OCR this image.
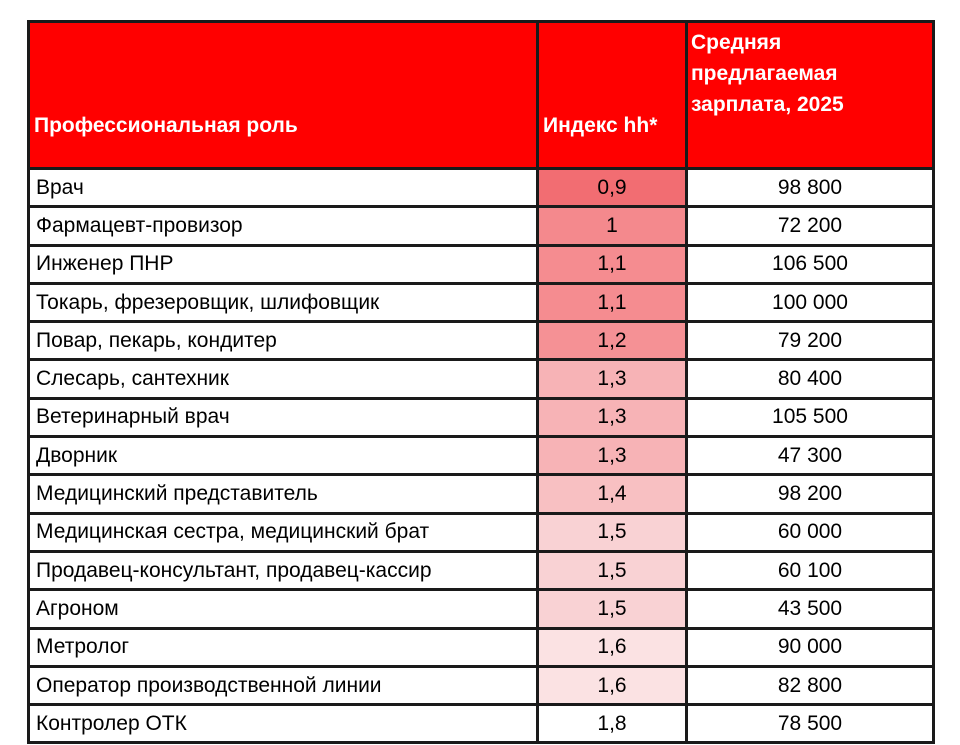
Профессиональная роль	Индекс hh*	Средняя
предлагаемая
зарплата, 2025

Врач	0,9	98 800
Фармацевт-провизор	1	72 200
Инженер ПНР	1,1	106 500
Токарь, фрезеровщик, шлифовщик	1,1	100 000
Повар, пекарь, кондитер	1,2	79 200
Слесарь, сантехник	1,3	80 400
Ветеринарный врач	1,3	105 500
Дворник	1,3	47 300
Медицинский представитель	1,4	98 200
Медицинская сестра, медицинский брат	1,5	60 000
Продавец-консультант, продавец-кассир	1,5	60 100
Агроном	1,5	43 500
Метролог	1,6	90 000
Оператор производственной линии	1,6	82 800
Контролер ОТК	1,8	78 500
